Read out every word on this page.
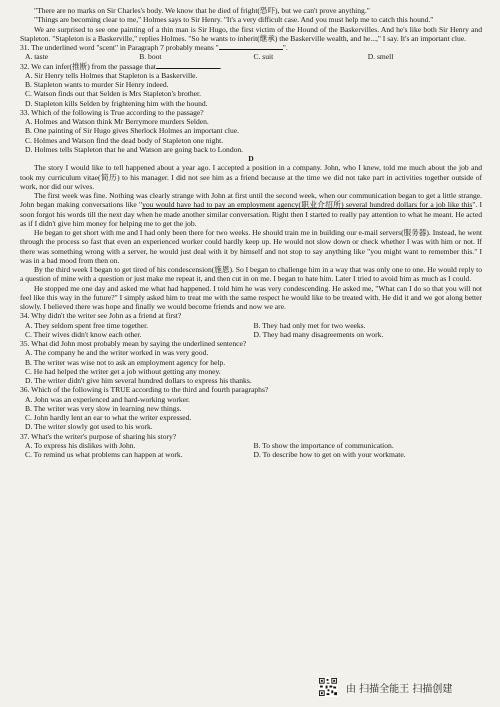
"There are no marks on Sir Charles's body. We know that he died of fright(恐吓), but we can't prove anything."

"Things are becoming clear to me," Holmes says to Sir Henry. "It's a very difficult case. And you must help me to catch this hound."

We are surprised to see one painting of a thin man is Sir Hugo, the first victim of the Hound of the Baskervilles. And he's like both Sir Henry and Stapleton. "Stapleton is a Baskerville," replies Holmes. "So he wants to inherit(继承) the Baskerville wealth, and he...," I say. It's an important clue.

31. The underlined word "scent" in Paragraph 7 probably means "	".

A. taste	B. boot	C. suit	D. smell

32. We can infer(推断) from the passage that	.

A. Sir Henry tells Holmes that Stapleton is a Baskerville.

B. Stapleton wants to murder Sir Henry indeed.

C. Watson finds out that Selden is Mrs Stapleton's brother.

D. Stapleton kills Selden by frightening him with the hound.

33. Which of the following is True according to the passage?

A. Holmes and Watson think Mr Berrymore murders Selden.

B. One painting of Sir Hugo gives Sherlock Holmes an important clue.

C. Holmes and Watson find the dead body of Stapleton one night.

D. Holmes tells Stapleton that he and Watson are going back to London.

D

The story I would like to tell happened about a year ago. I accepted a position in a company. John, who I knew, told me much about the job and took my curriculum vitae(简历) to his manager. I did not see him as a friend because at the time we did not take part in activities together outside of work, nor did our wives.

The first week was fine. Nothing was clearly strange with John at first until the second week, when our communication began to get a little strange. John began making conversations like "you would have had to pay an employment agency(职业介绍所) several hundred dollars for a job like this". I soon forgot his words till the next day when he made another similar conversation. Right then I started to really pay attention to what he meant. He acted as if I didn't give him money for helping me to get the job.

He began to get short with me and I had only been there for two weeks. He should train me in building our e-mail servers(服务器). Instead, he went through the process so fast that even an experienced worker could hardly keep up. He would not slow down or check whether I was with him or not. If there was something wrong with a server, he would just deal with it by himself and not stop to say anything like "you might want to remember this." I was in a bad mood from then on.

By the third week I began to get tired of his condescension(施恩). So I began to challenge him in a way that was only one to one. He would reply to a question of mine with a question or just make me repeat it, and then cut in on me. I began to hate him. Later I tried to avoid him as much as I could.

He stopped me one day and asked me what had happened. I told him he was very condescending. He asked me, "What can I do so that you will not feel like this way in the future?" I simply asked him to treat me with the same respect he would like to be treated with. He did it and we got along better slowly. I believed there was hope and finally we would become friends and now we are.

34. Why didn't the writer see John as a friend at first?

A. They seldom spent free time together.	B. They had only met for two weeks.
C. Their wives didn't know each other.	D. They had many disagreements on work.

35. What did John most probably mean by saying the underlined sentence?

A. The company he and the writer worked in was very good.

B. The writer was wise not to ask an employment agency for help.

C. He had helped the writer get a job without getting any money.

D. The writer didn't give him several hundred dollars to express his thanks.

36. Which of the following is TRUE according to the third and fourth paragraphs?

A. John was an experienced and hard-working worker.

B. The writer was very slow in learning new things.

C. John hardly lent an ear to what the writer expressed.

D. The writer slowly got used to his work.

37. What's the writer's purpose of sharing his story?

A. To express his dislikes with John.	B. To show the importance of communication.
C. To remind us what problems can happen at work.	D. To describe how to get on with your workmate.
由 扫描全能王 扫描创建
